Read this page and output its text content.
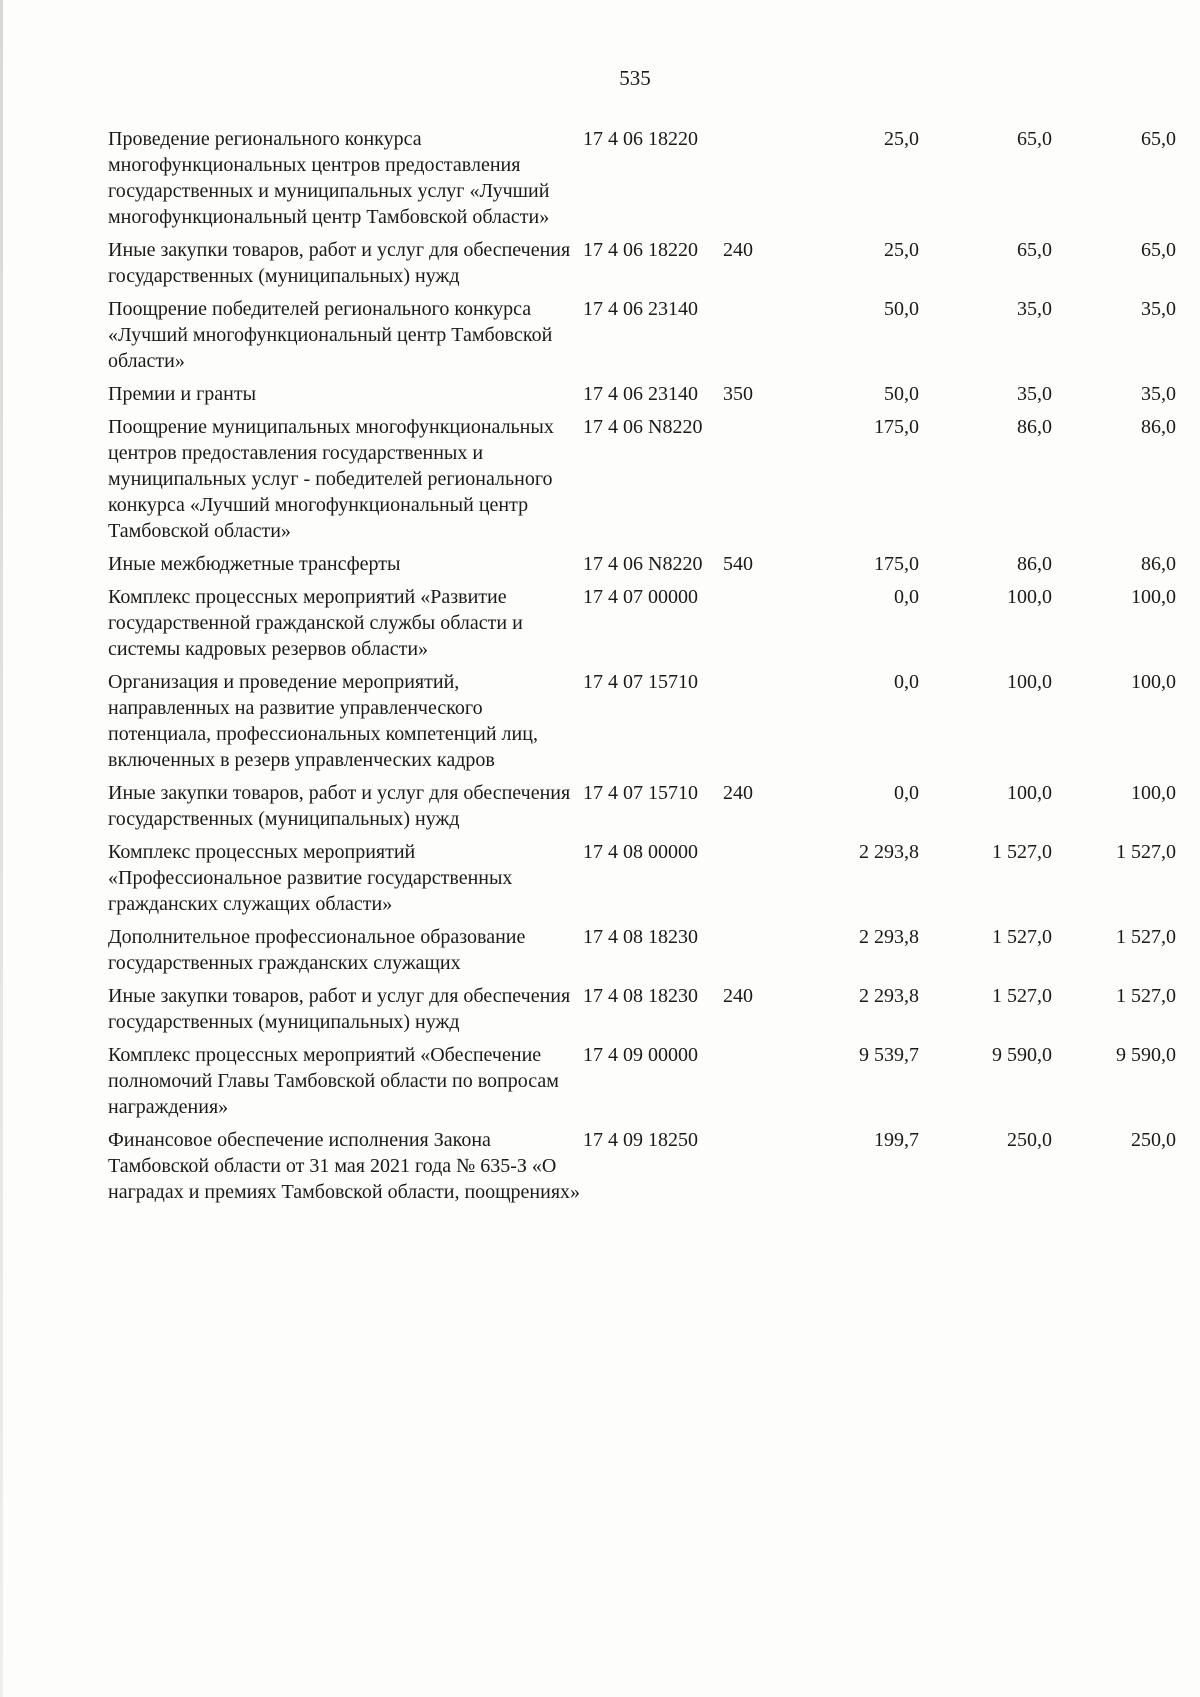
535
Проведение регионального конкурса многофункциональных центров предоставления государственных и муниципальных услуг «Лучший многофункциональный центр Тамбовской области»	17 4 06 18220		25,0	65,0	65,0
Иные закупки товаров, работ и услуг для обеспечения государственных (муниципальных) нужд	17 4 06 18220	240	25,0	65,0	65,0
Поощрение победителей регионального конкурса «Лучший многофункциональный центр Тамбовской области»	17 4 06 23140		50,0	35,0	35,0
Премии и гранты	17 4 06 23140	350	50,0	35,0	35,0
Поощрение муниципальных многофункциональных центров предоставления государственных и муниципальных услуг - победителей регионального конкурса «Лучший многофункциональный центр Тамбовской области»	17 4 06 N8220		175,0	86,0	86,0
Иные межбюджетные трансферты	17 4 06 N8220	540	175,0	86,0	86,0
Комплекс процессных мероприятий «Развитие государственной гражданской службы области и системы кадровых резервов области»	17 4 07 00000		0,0	100,0	100,0
Организация и проведение мероприятий, направленных на развитие управленческого потенциала, профессиональных компетенций лиц, включенных в резерв управленческих кадров	17 4 07 15710		0,0	100,0	100,0
Иные закупки товаров, работ и услуг для обеспечения государственных (муниципальных) нужд	17 4 07 15710	240	0,0	100,0	100,0
Комплекс процессных мероприятий «Профессиональное развитие государственных гражданских служащих области»	17 4 08 00000		2 293,8	1 527,0	1 527,0
Дополнительное профессиональное образование государственных гражданских служащих	17 4 08 18230		2 293,8	1 527,0	1 527,0
Иные закупки товаров, работ и услуг для обеспечения государственных (муниципальных) нужд	17 4 08 18230	240	2 293,8	1 527,0	1 527,0
Комплекс процессных мероприятий «Обеспечение полномочий Главы Тамбовской области по вопросам награждения»	17 4 09 00000		9 539,7	9 590,0	9 590,0
Финансовое обеспечение исполнения Закона Тамбовской области от 31 мая 2021 года № 635-З «О наградах и премиях Тамбовской области, поощрениях»	17 4 09 18250		199,7	250,0	250,0
